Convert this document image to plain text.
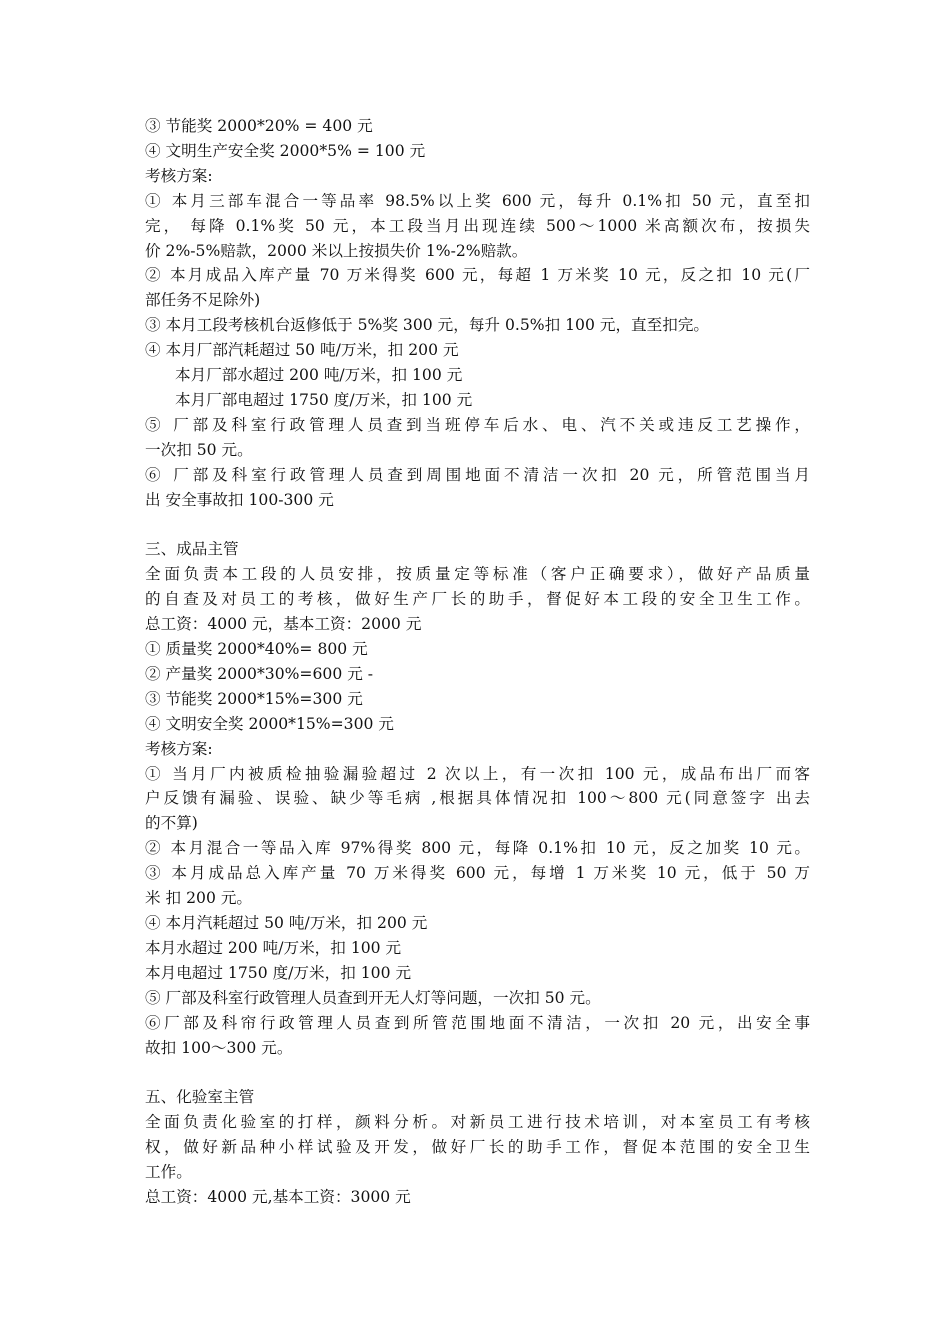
③ 节能奖 2000*20% = 400 元
④ 文明生产安全奖 2000*5% = 100 元
考核方案:
① 本月三部车混合一等品率 98.5%以上奖 600 元，每升 0.1%扣 50 元，直至扣
完， 每降 0.1%奖 50 元，本工段当月出现连续 500～1000 米高额次布，按损失
价 2%-5%赔款，2000 米以上按损失价 1%-2%赔款。
② 本月成品入库产量 70 万米得奖 600 元，每超 1 万米奖 10 元，反之扣 10 元(厂
部任务不足除外)
③ 本月工段考核机台返修低于 5%奖 300 元，每升 0.5%扣 100 元，直至扣完。
④ 本月厂部汽耗超过 50 吨/万米，扣 200 元
本月厂部水超过 200 吨/万米，扣 100 元
本月厂部电超过 1750 度/万米，扣 100 元
⑤ 厂部及科室行政管理人员查到当班停车后水、电、汽不关或违反工艺操作，
一次扣 50 元。
⑥ 厂部及科室行政管理人员查到周围地面不清洁一次扣 20 元，所管范围当月
出 安全事故扣 100-300 元
三、成品主管
全面负责本工段的人员安排，按质量定等标准（客户正确要求），做好产品质量
的自查及对员工的考核，做好生产厂长的助手，督促好本工段的安全卫生工作。
总工资：4000 元，基本工资：2000 元
① 质量奖 2000*40%= 800 元
② 产量奖 2000*30%=600 元 -
③ 节能奖 2000*15%=300 元
④ 文明安全奖 2000*15%=300 元
考核方案:
① 当月厂内被质检抽验漏验超过 2 次以上，有一次扣 100 元，成品布出厂而客
户反馈有漏验、误验、缺少等毛病 ,根据具体情况扣 100～800 元(同意签字 出去
的不算)
② 本月混合一等品入库 97%得奖 800 元，每降 0.1%扣 10 元，反之加奖 10 元。
③ 本月成品总入库产量 70 万米得奖 600 元，每增 1 万米奖 10 元，低于 50 万
米 扣 200 元。
④ 本月汽耗超过 50 吨/万米，扣 200 元
本月水超过 200 吨/万米，扣 100 元
本月电超过 1750 度/万米，扣 100 元
⑤ 厂部及科室行政管理人员查到开无人灯等问题，一次扣 50 元。
⑥厂部及科帘行政管理人员查到所管范围地面不清洁，一次扣 20 元，出安全事
故扣 100～300 元。
五、化验室主管
全面负责化验室的打样，颜料分析。对新员工进行技术培训，对本室员工有考核
权，做好新品种小样试验及开发，做好厂长的助手工作，督促本范围的安全卫生
工作。
总工资：4000 元,基本工资：3000 元
